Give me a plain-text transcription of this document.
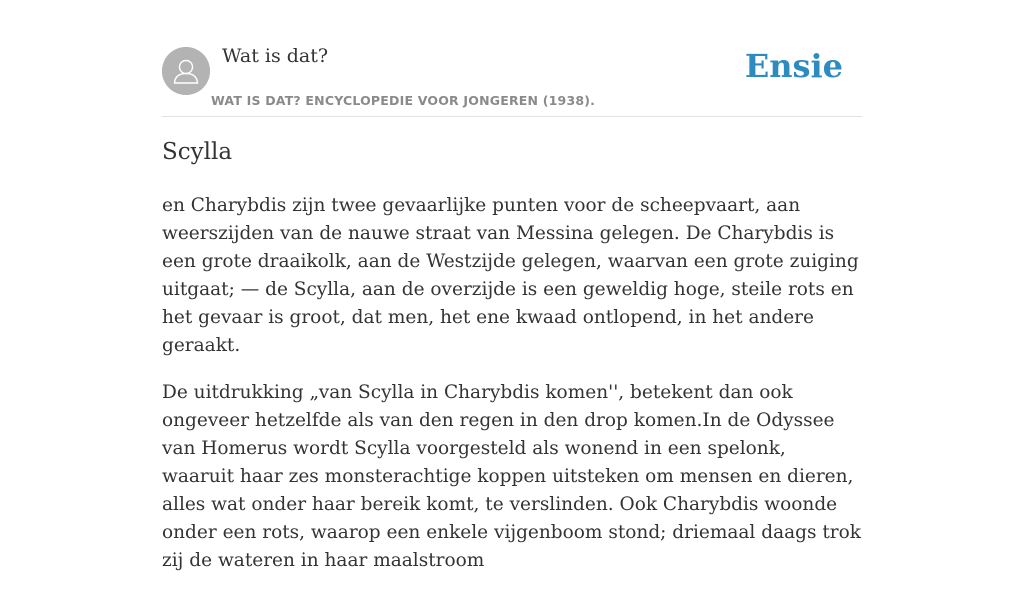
Wat is dat?
WAT IS DAT? ENCYCLOPEDIE VOOR JONGEREN (1938).
Ensie
Scylla

en Charybdis zijn twee gevaarlijke punten voor de scheepvaart, aan weerszijden van de nauwe straat van Messina gelegen. De Charybdis is een grote draaikolk, aan de Westzijde gelegen, waarvan een grote zuiging uitgaat; — de Scylla, aan de overzijde is een geweldig hoge, steile rots en het gevaar is groot, dat men, het ene kwaad ontlopend, in het andere geraakt.

De uitdrukking „van Scylla in Charybdis komen'', betekent dan ook ongeveer hetzelfde als van den regen in den drop komen.In de Odyssee van Homerus wordt Scylla voorgesteld als wonend in een spelonk, waaruit haar zes monsterachtige koppen uitsteken om mensen en dieren, alles wat onder haar bereik komt, te verslinden. Ook Charybdis woonde onder een rots, waarop een enkele vijgenboom stond; driemaal daags trok zij de wateren in haar maalstroom
